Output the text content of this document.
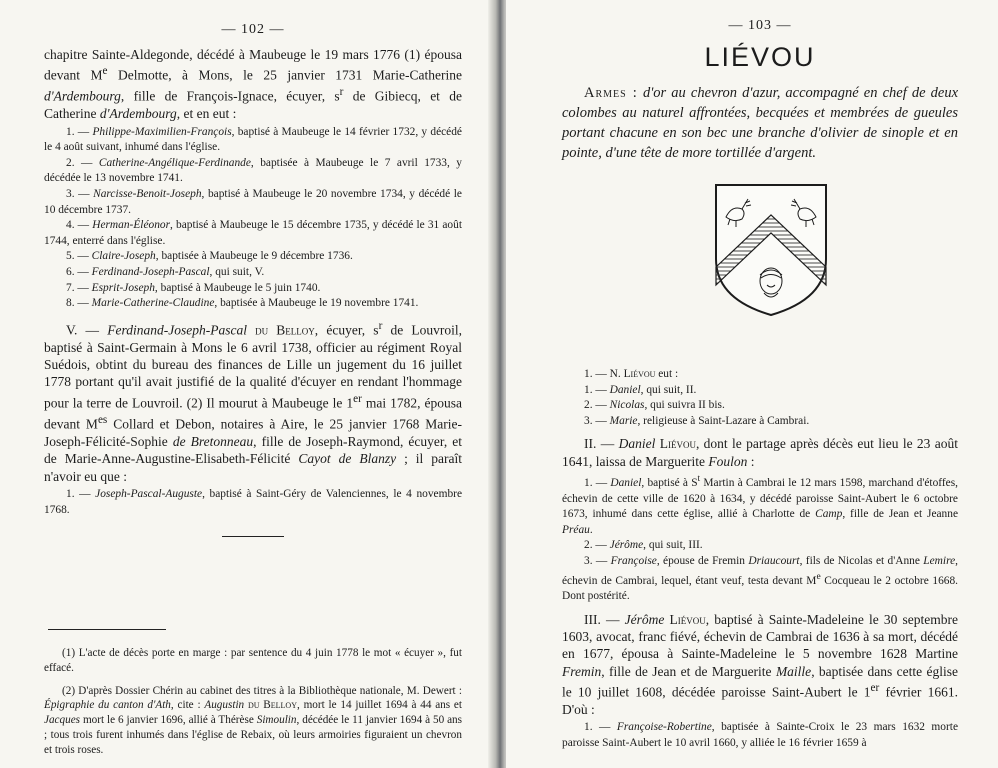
— 102 —

chapitre Sainte-Aldegonde, décédé à Maubeuge le 19 mars 1776 (1) épousa devant Me Delmotte, à Mons, le 25 janvier 1731 Marie-Catherine d'Ardembourg, fille de François-Ignace, écuyer, $s^r$ de Gibiecq, et de Catherine d'Ardembourg, et en eut :

1. — Philippe-Maximilien-François, baptisé à Maubeuge le 14 février 1732, y décédé le 4 août suivant, inhumé dans l'église.
2. — Catherine-Angélique-Ferdinande, baptisée à Maubeuge le 7 avril 1733, y décédée le 13 novembre 1741.
3. — Narcisse-Benoit-Joseph, baptisé à Maubeuge le 20 novembre 1734, y décédé le 10 décembre 1737.
4. — Herman-Éléonor, baptisé à Maubeuge le 15 décembre 1735, y décédé le 31 août 1744, enterré dans l'église.
5. — Claire-Joseph, baptisée à Maubeuge le 9 décembre 1736.
6. — Ferdinand-Joseph-Pascal, qui suit, V.
7. — Esprit-Joseph, baptisé à Maubeuge le 5 juin 1740.
8. — Marie-Catherine-Claudine, baptisée à Maubeuge le 19 novembre 1741.

V. — Ferdinand-Joseph-Pascal du Belloy, écuyer, $s^r$ de Louvroil, baptisé à Saint-Germain à Mons le 6 avril 1738, officier au régiment Royal Suédois, obtint du bureau des finances de Lille un jugement du 16 juillet 1778 portant qu'il avait justifié de la qualité d'écuyer en rendant l'hommage pour la terre de Louvroil. (2) Il mourut à Maubeuge le 1er mai 1782, épousa devant $M^{es}$ Collard et Debon, notaires à Aire, le 25 janvier 1768 Marie-Joseph-Félicité-Sophie de Bretonneau, fille de Joseph-Raymond, écuyer, et de Marie-Anne-Augustine-Elisabeth-Félicité Cayot de Blanzy ; il paraît n'avoir eu que :

1. — Joseph-Pascal-Auguste, baptisé à Saint-Géry de Valenciennes, le 4 novembre 1768.

(1) L'acte de décès porte en marge : par sentence du 4 juin 1778 le mot « écuyer », fut effacé.

(2) D'après Dossier Chérin au cabinet des titres à la Bibliothèque nationale, M. Dewert : Épigraphie du canton d'Ath, cite : Augustin du Belloy, mort le 14 juillet 1694 à 44 ans et Jacques mort le 6 janvier 1696, allié à Thérèse Simoulin, décédée le 11 janvier 1694 à 50 ans ; tous trois furent inhumés dans l'église de Rebaix, où leurs armoiries figuraient un chevron et trois roses.

— 103 —
LIÉVOU

Armes : d'or au chevron d'azur, accompagné en chef de deux colombes au naturel affrontées, becquées et membrées de gueules portant chacune en son bec une branche d'olivier de sinople et en pointe, d'une tête de more tortillée d'argent.

1. — N. Liévou eut :
1. — Daniel, qui suit, II.
2. — Nicolas, qui suivra II bis.
3. — Marie, religieuse à Saint-Lazare à Cambrai.

II. — Daniel Liévou, dont le partage après décès eut lieu le 23 août 1641, laissa de Marguerite Foulon :

1. — Daniel, baptisé à $S^t$ Martin à Cambrai le 12 mars 1598, marchand d'étoffes, échevin de cette ville de 1620 à 1634, y décédé paroisse Saint-Aubert le 6 octobre 1673, inhumé dans cette église, allié à Charlotte de Camp, fille de Jean et Jeanne Préau.
2. — Jérôme, qui suit, III.
3. — Françoise, épouse de Fremin Driaucourt, fils de Nicolas et d'Anne Lemire, échevin de Cambrai, lequel, étant veuf, testa devant Me Cocqueau le 2 octobre 1668. Dont postérité.

III. — Jérôme Liévou, baptisé à Sainte-Madeleine le 30 septembre 1603, avocat, franc fiévé, échevin de Cambrai de 1636 à sa mort, décédé en 1677, épousa à Sainte-Madeleine le 5 novembre 1628 Martine Fremin, fille de Jean et de Marguerite Maille, baptisée dans cette église le 10 juillet 1608, décédée paroisse Saint-Aubert le 1er février 1661. D'où :

1. — Françoise-Robertine, baptisée à Sainte-Croix le 23 mars 1632 morte paroisse Saint-Aubert le 10 avril 1660, y alliée le 16 février 1659 à
